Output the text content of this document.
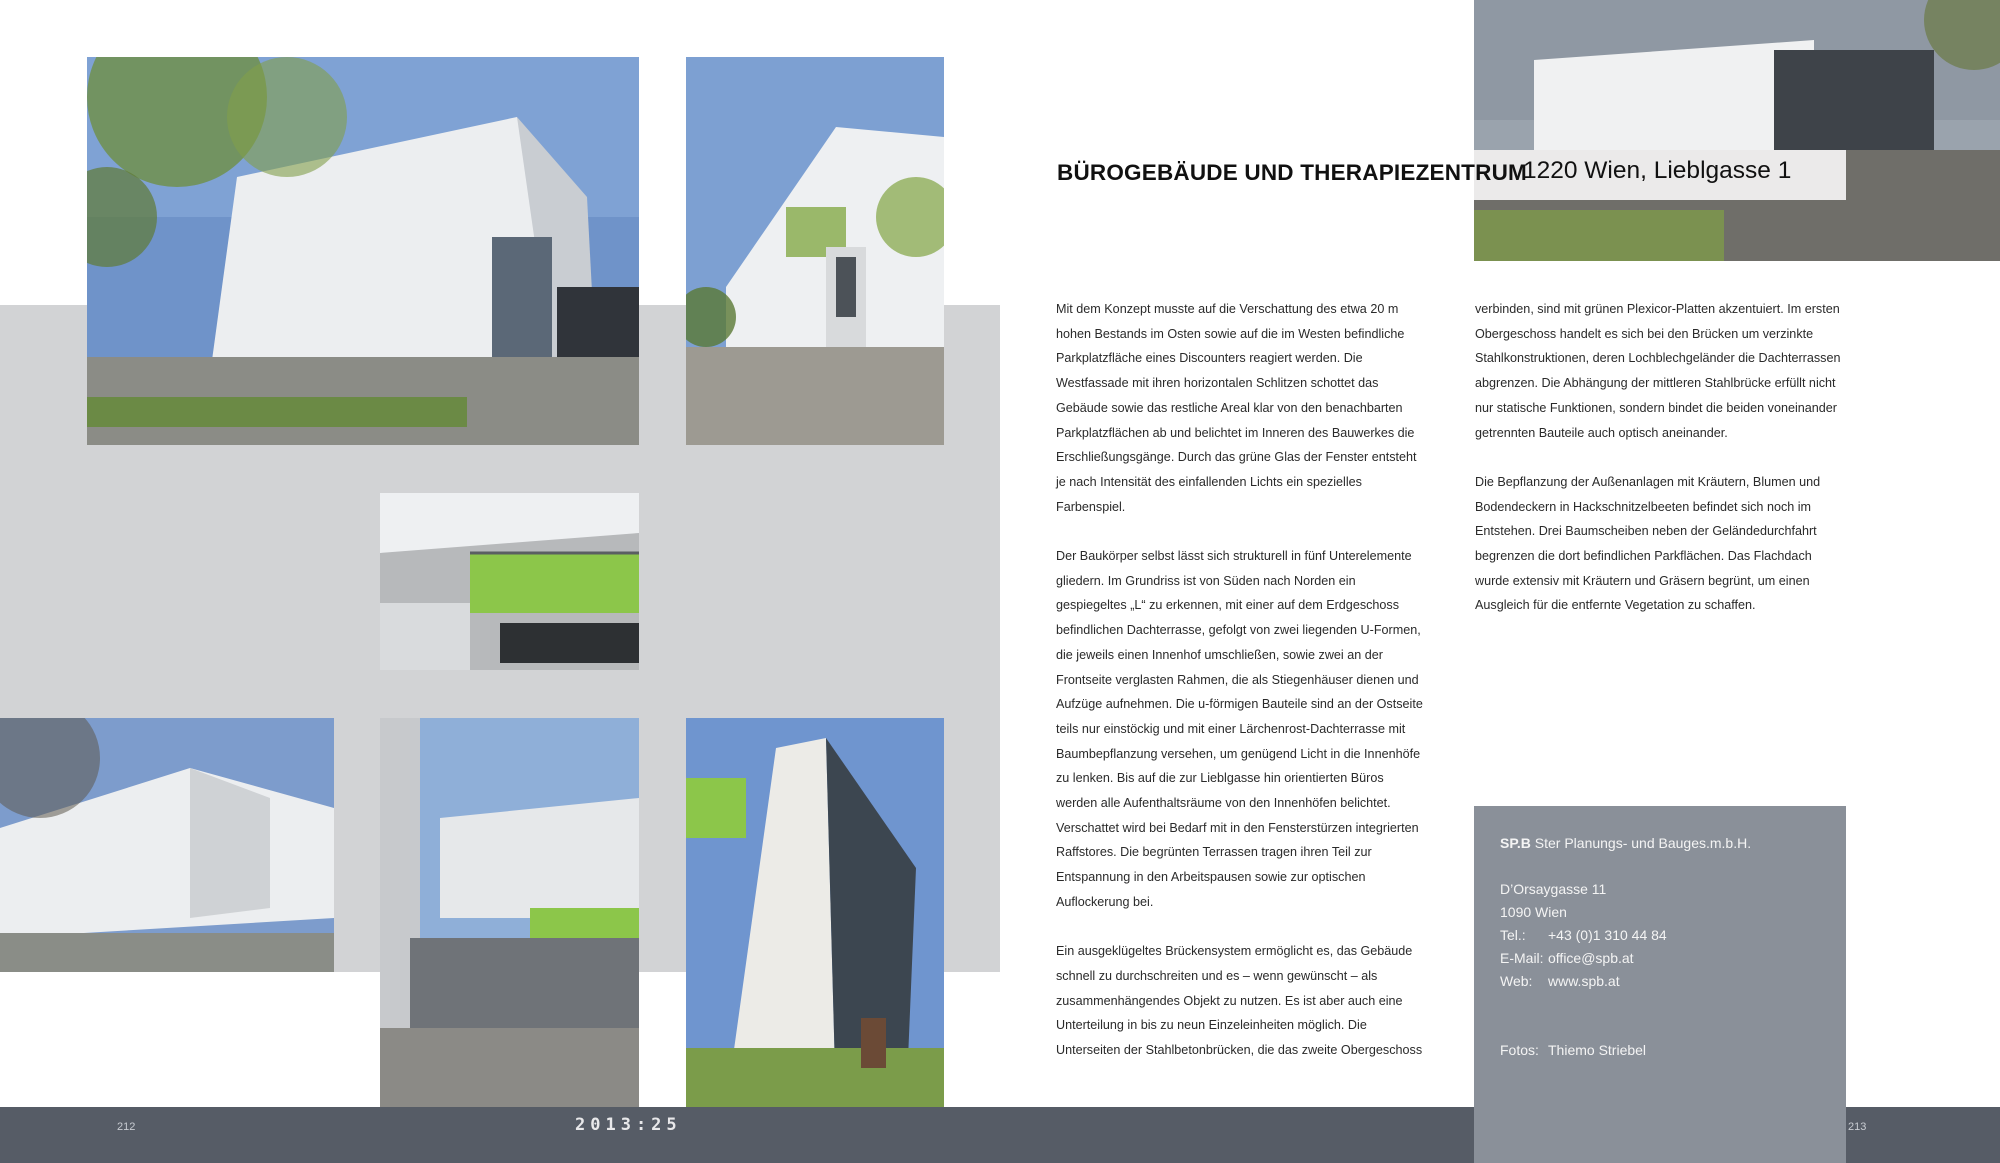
BÜROGEBÄUDE UND THERAPIEZENTRUM
1220 Wien, Lieblgasse 1

Mit dem Konzept musste auf die Verschattung des etwa 20 m hohen Bestands im Osten sowie auf die im Westen befindliche Parkplatzfläche eines Discounters reagiert werden. Die Westfassade mit ihren horizontalen Schlitzen schottet das Gebäude sowie das restliche Areal klar von den benachbarten Parkplatzflächen ab und belichtet im Inneren des Bauwerkes die Erschließungsgänge. Durch das grüne Glas der Fenster entsteht je nach Intensität des einfallenden Lichts ein spezielles Farbenspiel.

Der Baukörper selbst lässt sich strukturell in fünf Unterelemente gliedern. Im Grundriss ist von Süden nach Norden ein gespiegeltes „L“ zu erkennen, mit einer auf dem Erdgeschoss befindlichen Dachterrasse, gefolgt von zwei liegenden U-Formen, die jeweils einen Innenhof umschließen, sowie zwei an der Frontseite verglasten Rahmen, die als Stiegenhäuser dienen und Aufzüge aufnehmen. Die u-förmigen Bauteile sind an der Ostseite teils nur einstöckig und mit einer Lärchenrost-Dachterrasse mit Baumbepflanzung versehen, um genügend Licht in die Innenhöfe zu lenken. Bis auf die zur Lieblgasse hin orientierten Büros werden alle Aufenthaltsräume von den Innenhöfen belichtet. Verschattet wird bei Bedarf mit in den Fensterstürzen integrierten Raffstores. Die begrünten Terrassen tragen ihren Teil zur Entspannung in den Arbeitspausen sowie zur optischen Auflockerung bei.

Ein ausgeklügeltes Brückensystem ermöglicht es, das Gebäude schnell zu durchschreiten und es – wenn gewünscht – als zusammenhängendes Objekt zu nutzen. Es ist aber auch eine Unterteilung in bis zu neun Einzeleinheiten möglich. Die Unterseiten der Stahlbetonbrücken, die das zweite Obergeschoss

verbinden, sind mit grünen Plexicor-Platten akzentuiert. Im ersten Obergeschoss handelt es sich bei den Brücken um verzinkte Stahlkonstruktionen, deren Lochblechgeländer die Dachterrassen abgrenzen. Die Abhängung der mittleren Stahlbrücke erfüllt nicht nur statische Funktionen, sondern bindet die beiden voneinander getrennten Bauteile auch optisch aneinander.

Die Bepflanzung der Außenanlagen mit Kräutern, Blumen und Bodendeckern in Hackschnitzelbeeten befindet sich noch im Entstehen. Drei Baumscheiben neben der Geländedurchfahrt begrenzen die dort befindlichen Parkflächen. Das Flachdach wurde extensiv mit Kräutern und Gräsern begrünt, um einen Ausgleich für die entfernte Vegetation zu schaffen.

SP.B Ster Planungs- und Bauges.m.b.H.
D’Orsaygasse 11
1090 Wien
Tel.:	+43 (0)1 310 44 84
E-Mail: office@spb.at
Web:	www.spb.at
Fotos: Thiemo Striebel
212	2013:25	213
